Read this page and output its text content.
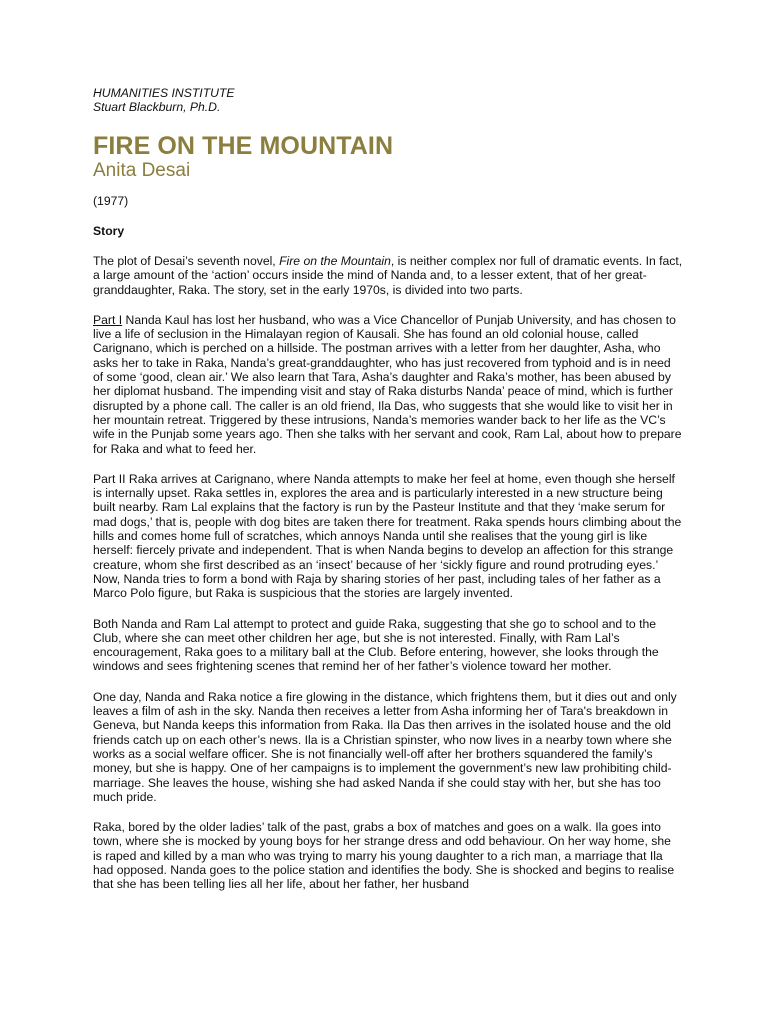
HUMANITIES INSTITUTE

Stuart Blackburn, Ph.D.

FIRE ON THE MOUNTAIN
Anita Desai

(1977)

Story

The plot of Desai’s seventh novel, Fire on the Mountain, is neither complex nor full of dramatic events. In fact, a large amount of the ‘action’ occurs inside the mind of Nanda and, to a lesser extent, that of her great-granddaughter, Raka. The story, set in the early 1970s, is divided into two parts.

Part I Nanda Kaul has lost her husband, who was a Vice Chancellor of Punjab University, and has chosen to live a life of seclusion in the Himalayan region of Kausali. She has found an old colonial house, called Carignano, which is perched on a hillside. The postman arrives with a letter from her daughter, Asha, who asks her to take in Raka, Nanda’s great-granddaughter, who has just recovered from typhoid and is in need of some ‘good, clean air.’ We also learn that Tara, Asha’s daughter and Raka’s mother, has been abused by her diplomat husband. The impending visit and stay of Raka disturbs Nanda’ peace of mind, which is further disrupted by a phone call. The caller is an old friend, Ila Das, who suggests that she would like to visit her in her mountain retreat. Triggered by these intrusions, Nanda’s memories wander back to her life as the VC’s wife in the Punjab some years ago. Then she talks with her servant and cook, Ram Lal, about how to prepare for Raka and what to feed her.

Part II Raka arrives at Carignano, where Nanda attempts to make her feel at home, even though she herself is internally upset. Raka settles in, explores the area and is particularly interested in a new structure being built nearby. Ram Lal explains that the factory is run by the Pasteur Institute and that they ‘make serum for mad dogs,’ that is, people with dog bites are taken there for treatment. Raka spends hours climbing about the hills and comes home full of scratches, which annoys Nanda until she realises that the young girl is like herself: fiercely private and independent. That is when Nanda begins to develop an affection for this strange creature, whom she first described as an ‘insect’ because of her ‘sickly figure and round protruding eyes.’ Now, Nanda tries to form a bond with Raja by sharing stories of her past, including tales of her father as a Marco Polo figure, but Raka is suspicious that the stories are largely invented.

Both Nanda and Ram Lal attempt to protect and guide Raka, suggesting that she go to school and to the Club, where she can meet other children her age, but she is not interested. Finally, with Ram Lal’s encouragement, Raka goes to a military ball at the Club. Before entering, however, she looks through the windows and sees frightening scenes that remind her of her father’s violence toward her mother.

One day, Nanda and Raka notice a fire glowing in the distance, which frightens them, but it dies out and only leaves a film of ash in the sky. Nanda then receives a letter from Asha informing her of Tara's breakdown in Geneva, but Nanda keeps this information from Raka. Ila Das then arrives in the isolated house and the old friends catch up on each other’s news. Ila is a Christian spinster, who now lives in a nearby town where she works as a social welfare officer. She is not financially well-off after her brothers squandered the family’s money, but she is happy. One of her campaigns is to implement the government’s new law prohibiting child-marriage. She leaves the house, wishing she had asked Nanda if she could stay with her, but she has too much pride.

Raka, bored by the older ladies’ talk of the past, grabs a box of matches and goes on a walk. Ila goes into town, where she is mocked by young boys for her strange dress and odd behaviour. On her way home, she is raped and killed by a man who was trying to marry his young daughter to a rich man, a marriage that Ila had opposed. Nanda goes to the police station and identifies the body. She is shocked and begins to realise that she has been telling lies all her life, about her father, her husband
